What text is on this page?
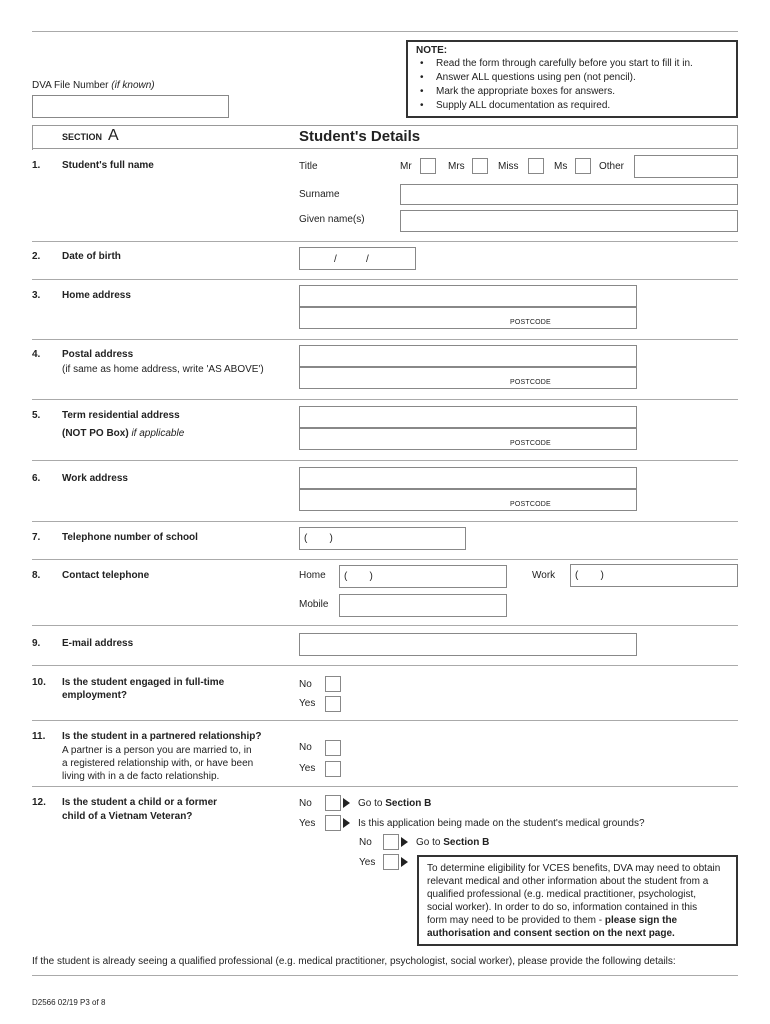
NOTE:
• Read the form through carefully before you start to fill it in.
• Answer ALL questions using pen (not pencil).
• Mark the appropriate boxes for answers.
• Supply ALL documentation as required.
DVA File Number (if known)
SECTION A	Student's Details
1. Student's full name	Title	Mr	Mrs	Miss	Ms	Other
Surname
Given name(s)
2. Date of birth	/	/
3. Home address
POSTCODE
4. Postal address
(if same as home address, write 'AS ABOVE')
POSTCODE
5. Term residential address
(NOT PO Box) if applicable
POSTCODE
6. Work address
POSTCODE
7. Telephone number of school	(        )
8. Contact telephone	Home (        )	Work (        )
Mobile
9. E-mail address
10. Is the student engaged in full-time
employment?
No
Yes
11. Is the student in a partnered relationship?
A partner is a person you are married to, in
a registered relationship with, or have been
living with in a de facto relationship.
No
Yes
12. Is the student a child or a former
child of a Vietnam Veteran?
No	Go to Section B
Yes	Is this application being made on the student's medical grounds?
No	Go to Section B
Yes
To determine eligibility for VCES benefits, DVA may need to obtain
relevant medical and other information about the student from a
qualified professional (e.g. medical practitioner, psychologist,
social worker). In order to do so, information contained in this
form may need to be provided to them - please sign the
authorisation and consent section on the next page.
If the student is already seeing a qualified professional (e.g. medical practitioner, psychologist, social worker), please provide the following details:
D2566 02/19 P3 of 8
